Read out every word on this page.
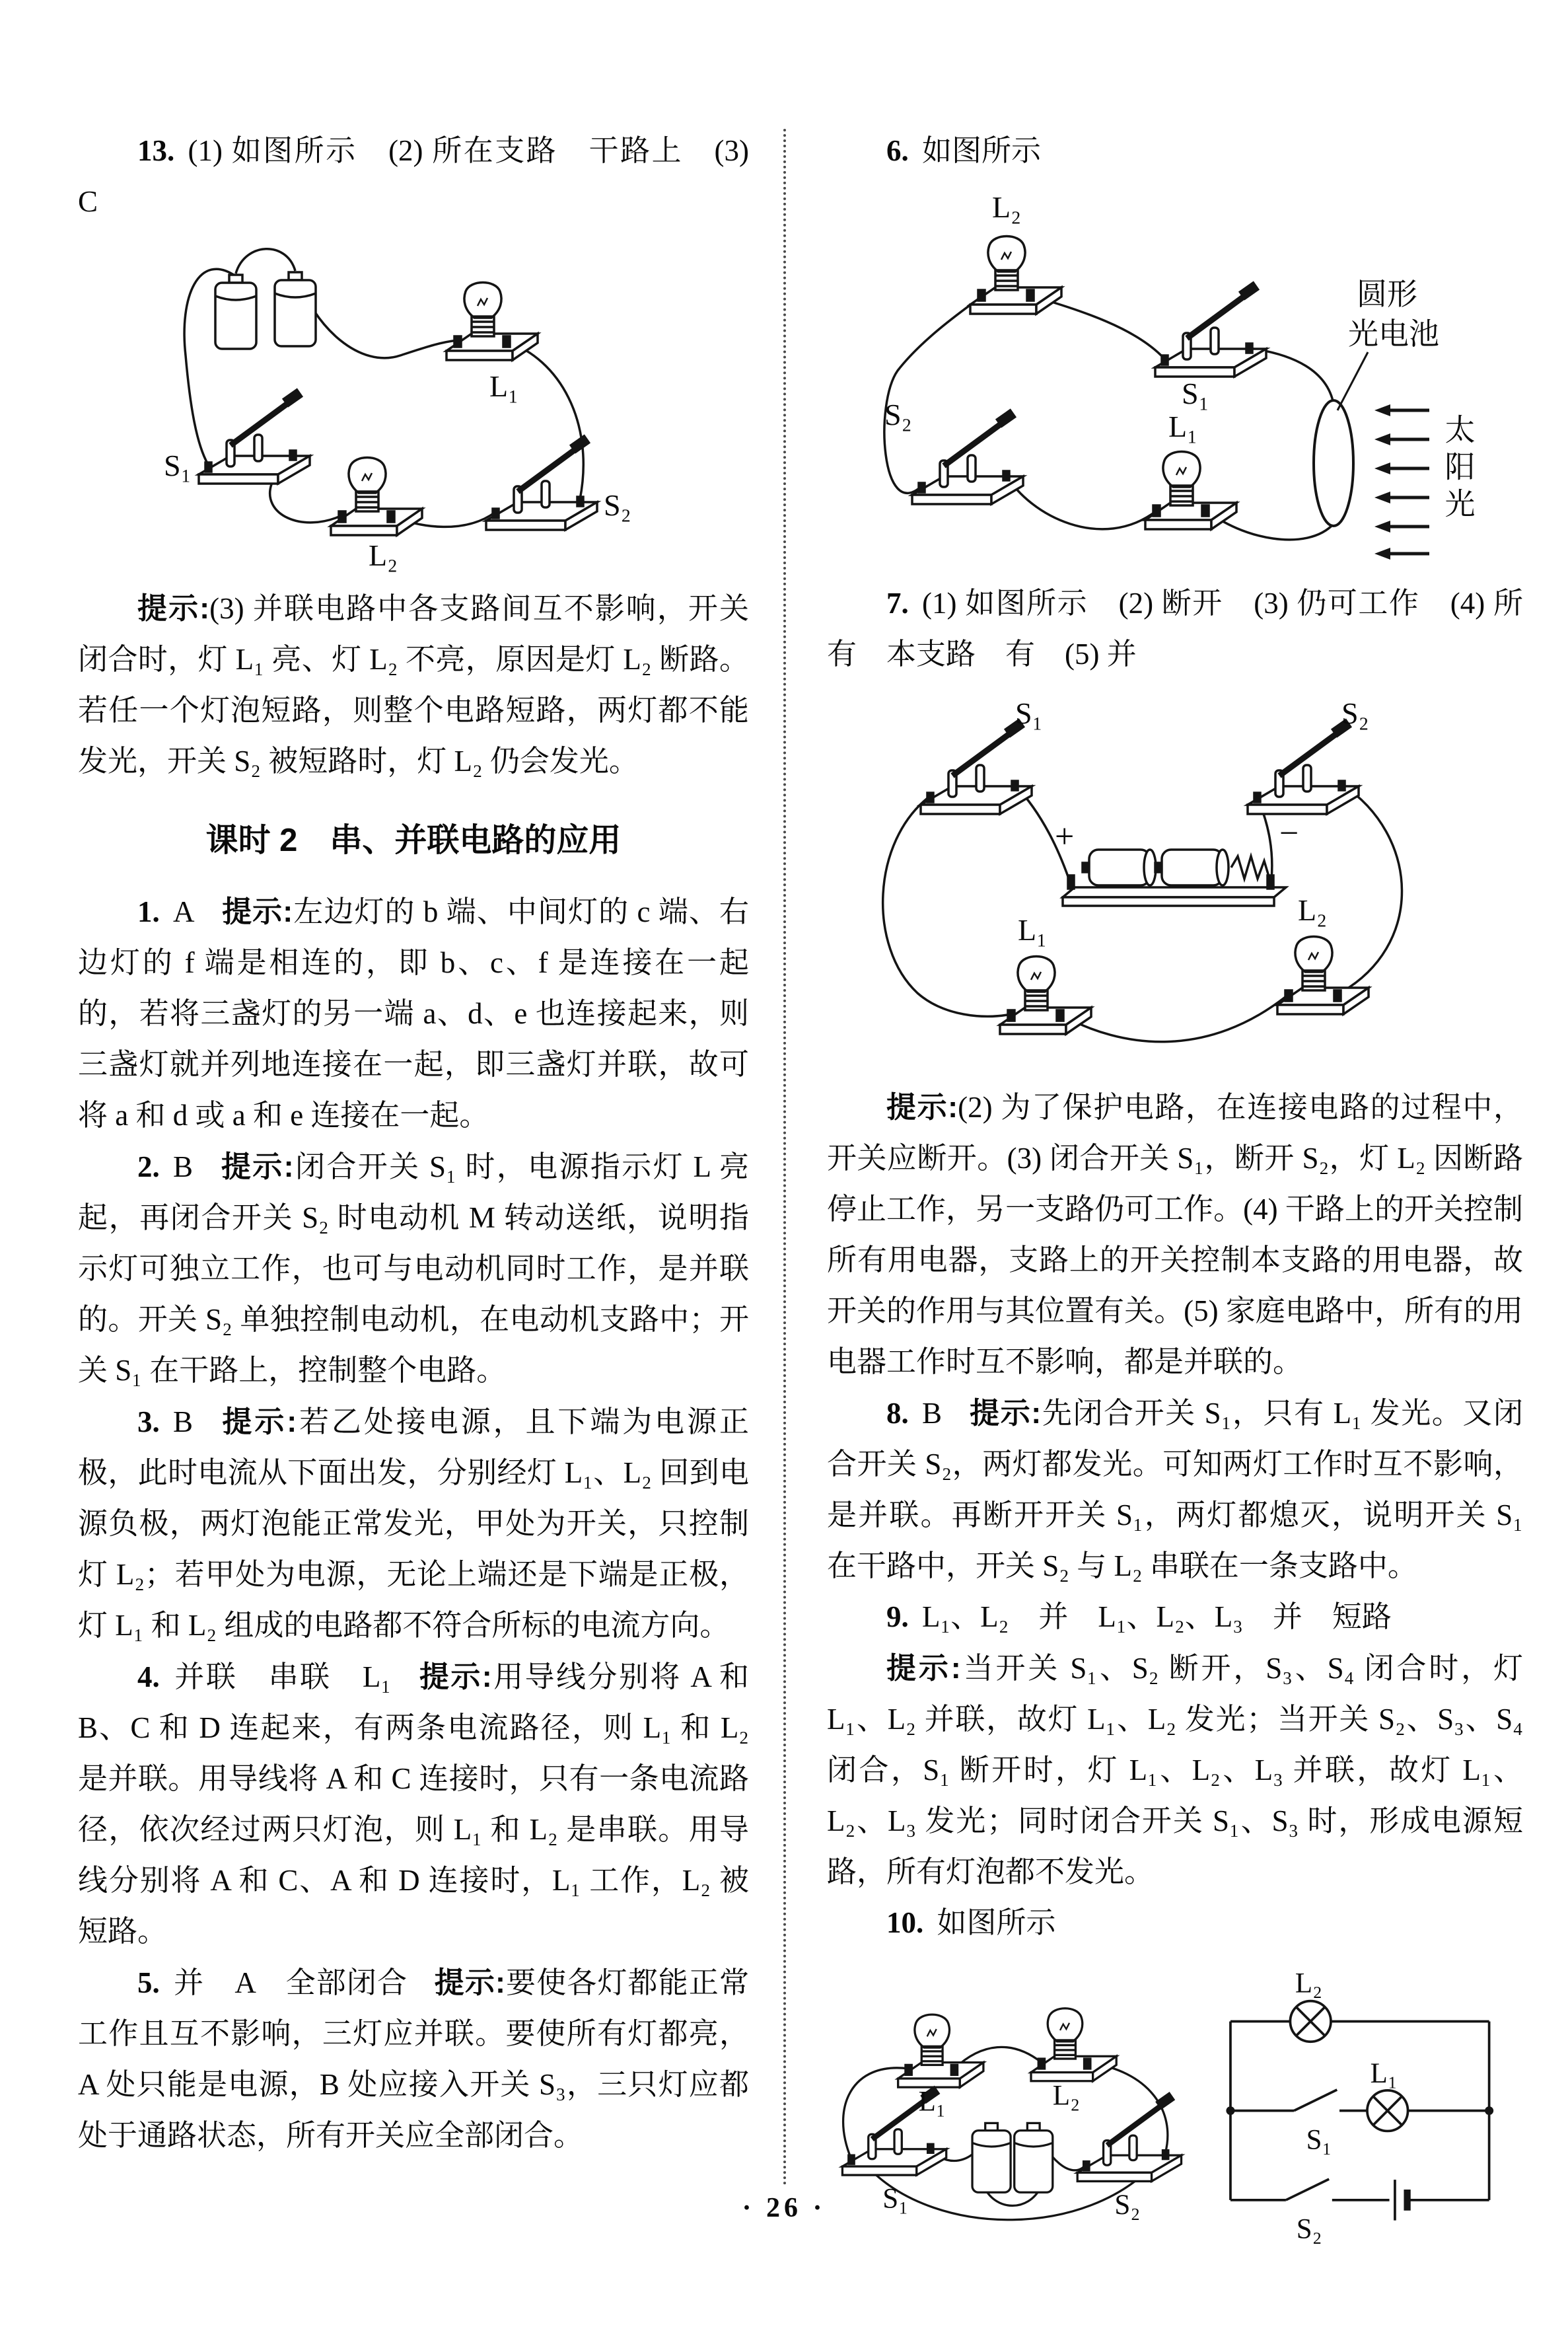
13. (1) 如图所示　(2) 所在支路　干路上　(3) C

L₁
S₁
S₂
L₂

提示:(3) 并联电路中各支路间互不影响，开关闭合时，灯 L₁ 亮、灯 L₂ 不亮，原因是灯 L₂ 断路。若任一个灯泡短路，则整个电路短路，两灯都不能发光，开关 S₂ 被短路时，灯 L₂ 仍会发光。

课时 2　串、并联电路的应用

1. A 提示:左边灯的 b 端、中间灯的 c 端、右边灯的 f 端是相连的，即 b、c、f 是连接在一起的，若将三盏灯的另一端 a、d、e 也连接起来，则三盏灯就并列地连接在一起，即三盏灯并联，故可将 a 和 d 或 a 和 e 连接在一起。

2. B 提示:闭合开关 S₁ 时，电源指示灯 L 亮起，再闭合开关 S₂ 时电动机 M 转动送纸，说明指示灯可独立工作，也可与电动机同时工作，是并联的。开关 S₂ 单独控制电动机，在电动机支路中；开关 S₁ 在干路上，控制整个电路。

3. B 提示:若乙处接电源，且下端为电源正极，此时电流从下面出发，分别经灯 L₁、L₂ 回到电源负极，两灯泡能正常发光，甲处为开关，只控制灯 L₂；若甲处为电源，无论上端还是下端是正极，灯 L₁ 和 L₂ 组成的电路都不符合所标的电流方向。

4. 并联　串联　L₁ 提示:用导线分别将 A 和 B、C 和 D 连起来，有两条电流路径，则 L₁ 和 L₂ 是并联。用导线将 A 和 C 连接时，只有一条电流路径，依次经过两只灯泡，则 L₁ 和 L₂ 是串联。用导线分别将 A 和 C、A 和 D 连接时，L₁ 工作，L₂ 被短路。

5. 并　A　全部闭合 提示:要使各灯都能正常工作且互不影响，三灯应并联。要使所有灯都亮，A 处只能是电源，B 处应接入开关 S₃，三只灯应都处于通路状态，所有开关应全部闭合。

6. 如图所示

L₂
S₁
S₂	L₁
圆形
光电池
太阳光

7. (1) 如图所示　(2) 断开　(3) 仍可工作　(4) 所有　本支路　有　(5) 并

S₁	S₂
+	−
L₁
L₂

提示:(2) 为了保护电路，在连接电路的过程中，开关应断开。(3) 闭合开关 S₁，断开 S₂，灯 L₂ 因断路停止工作，另一支路仍可工作。(4) 干路上的开关控制所有用电器，支路上的开关控制本支路的用电器，故开关的作用与其位置有关。(5) 家庭电路中，所有的用电器工作时互不影响，都是并联的。

8. B 提示:先闭合开关 S₁，只有 L₁ 发光。又闭合开关 S₂，两灯都发光。可知两灯工作时互不影响，是并联。再断开开关 S₁，两灯都熄灭，说明开关 S₁ 在干路中，开关 S₂ 与 L₂ 串联在一条支路中。

9. L₁、L₂　并　L₁、L₂、L₃　并　短路

提示:当开关 S₁、S₂ 断开，S₃、S₄ 闭合时，灯 L₁、L₂ 并联，故灯 L₁、L₂ 发光；当开关 S₂、S₃、S₄ 闭合，S₁ 断开时，灯 L₁、L₂、L₃ 并联，故灯 L₁、L₂、L₃ 发光；同时闭合开关 S₁、S₃ 时，形成电源短路，所有灯泡都不发光。

10. 如图所示

L₁	L₂
S₁	S₂
L₂
L₁
S₁
S₂
· 26 ·
